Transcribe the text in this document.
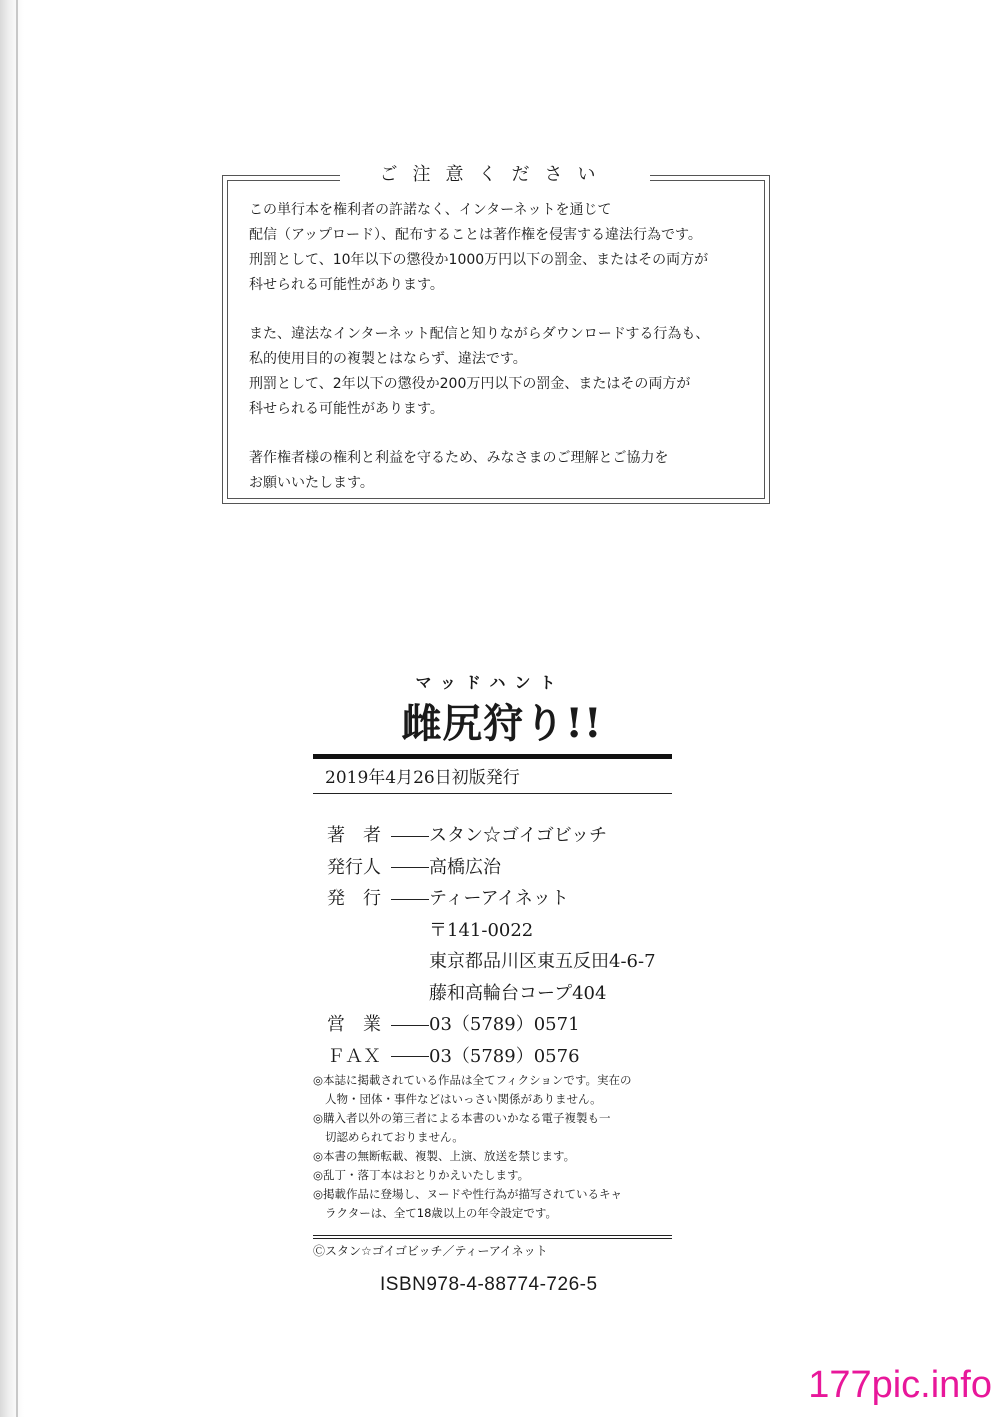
ご注意ください
この単行本を権利者の許諾なく、インターネットを通じて
配信（アップロード）、配布することは著作権を侵害する違法行為です。
刑罰として、10年以下の懲役か1000万円以下の罰金、またはその両方が
科せられる可能性があります。
また、違法なインターネット配信と知りながらダウンロードする行為も、
私的使用目的の複製とはならず、違法です。
刑罰として、2年以下の懲役か200万円以下の罰金、またはその両方が
科せられる可能性があります。
著作権者様の権利と利益を守るため、みなさまのご理解とご協力を
お願いいたします。
マッドハント
雌尻狩り!!
2019年4月26日初版発行
著　者	スタン☆ゴイゴビッチ
発行人	高橋広治
発　行	ティーアイネット
〒141-0022
東京都品川区東五反田4-6-7
藤和高輪台コープ404
営　業	03（5789）0571
ＦＡＸ	03（5789）0576
◎本誌に掲載されている作品は全てフィクションです。実在の
人物・団体・事件などはいっさい関係がありません。
◎購入者以外の第三者による本書のいかなる電子複製も一
切認められておりません。
◎本書の無断転載、複製、上演、放送を禁じます。
◎乱丁・落丁本はおとりかえいたします。
◎掲載作品に登場し、ヌードや性行為が描写されているキャ
ラクターは、全て18歳以上の年令設定です。
Ⓒスタン☆ゴイゴビッチ／ティーアイネット
ISBN978-4-88774-726-5
177pic.info
